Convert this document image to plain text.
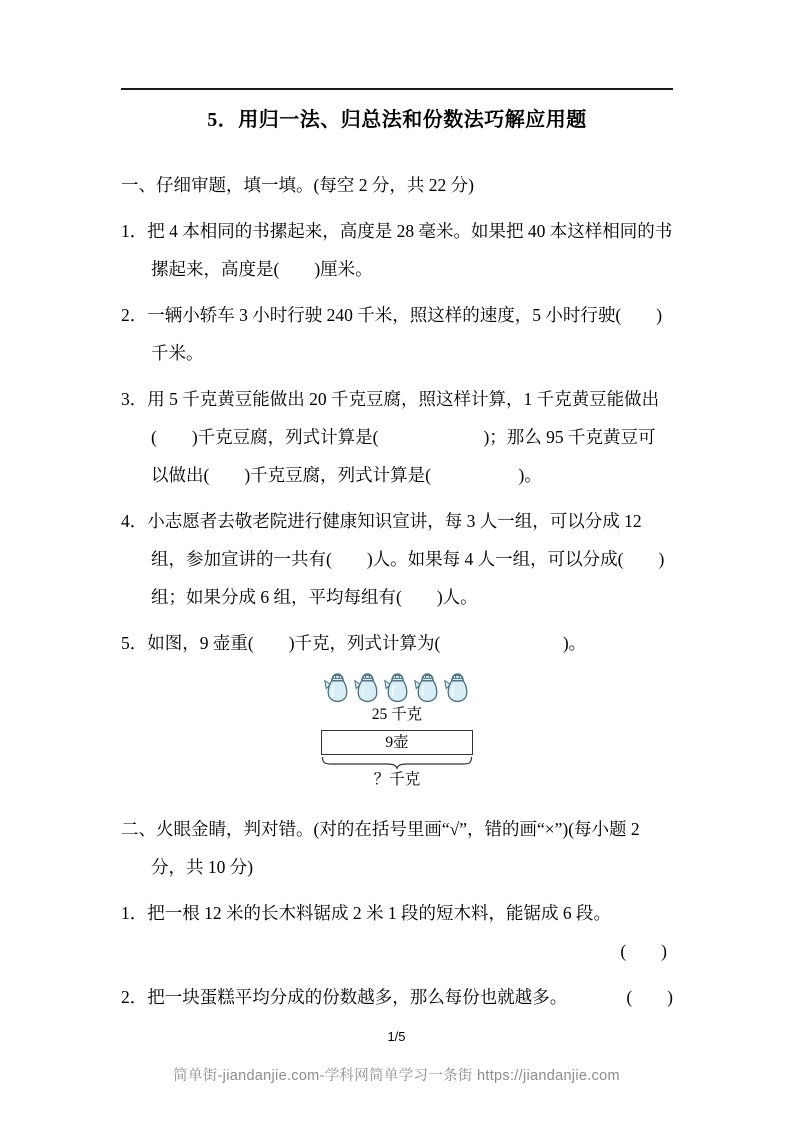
5．用归一法、归总法和份数法巧解应用题

一、仔细审题，填一填。(每空 2 分，共 22 分)

1．把 4 本相同的书摞起来，高度是 28 毫米。如果把 40 本这样相同的书摞起来，高度是(　　)厘米。

2．一辆小轿车 3 小时行驶 240 千米，照这样的速度，5 小时行驶(　　)千米。

3．用 5 千克黄豆能做出 20 千克豆腐，照这样计算，1 千克黄豆能做出(　　)千克豆腐，列式计算是(　　　　　　)；那么 95 千克黄豆可以做出(　　)千克豆腐，列式计算是(　　　　　)。

4．小志愿者去敬老院进行健康知识宣讲，每 3 人一组，可以分成 12 组，参加宣讲的一共有(　　)人。如果每 4 人一组，可以分成(　　)组；如果分成 6 组，平均每组有(　　)人。

5．如图，9 壶重(　　)千克，列式计算为(　　　　　　　)。

25 千克
9壶
？千克

二、火眼金睛，判对错。(对的在括号里画“√”，错的画“×”)(每小题 2 分，共 10 分)

1．把一根 12 米的长木料锯成 2 米 1 段的短木料，能锯成 6 段。

(　　)

2．把一块蛋糕平均分成的份数越多，那么每份也就越多。	(　　)

1/5
简单街-jiandanjie.com-学科网简单学习一条街 https://jiandanjie.com
